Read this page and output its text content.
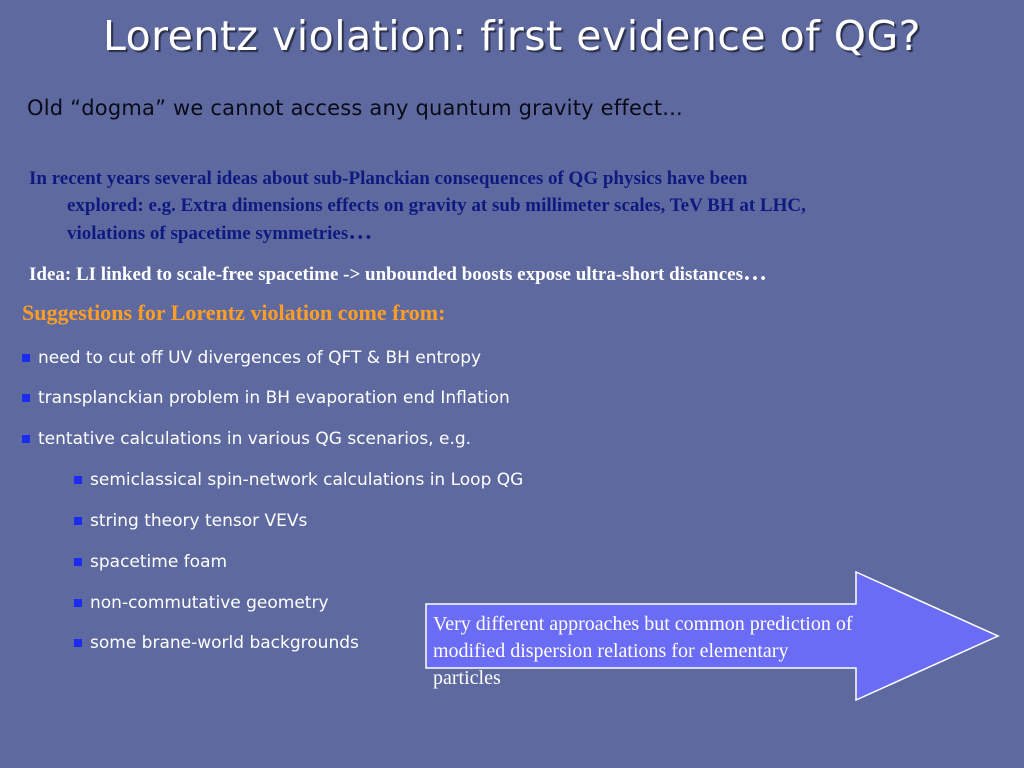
Lorentz violation: first evidence of QG?
Old “dogma” we cannot access any quantum gravity effect...
In recent years several ideas about sub-Planckian consequences of QG physics have been
explored: e.g. Extra dimensions effects on gravity at sub millimeter scales, TeV BH at LHC,
violations of spacetime symmetries…
Idea: LI linked to scale-free spacetime -> unbounded boosts expose ultra-short distances…
Suggestions for Lorentz violation come from:
need to cut off UV divergences of QFT & BH entropy
transplanckian problem in BH evaporation end Inflation
tentative calculations in various QG scenarios, e.g.
semiclassical spin-network calculations in Loop QG
string theory tensor VEVs
spacetime foam
non-commutative geometry
some brane-world backgrounds
Very different approaches but common prediction of
modified dispersion relations for elementary particles
